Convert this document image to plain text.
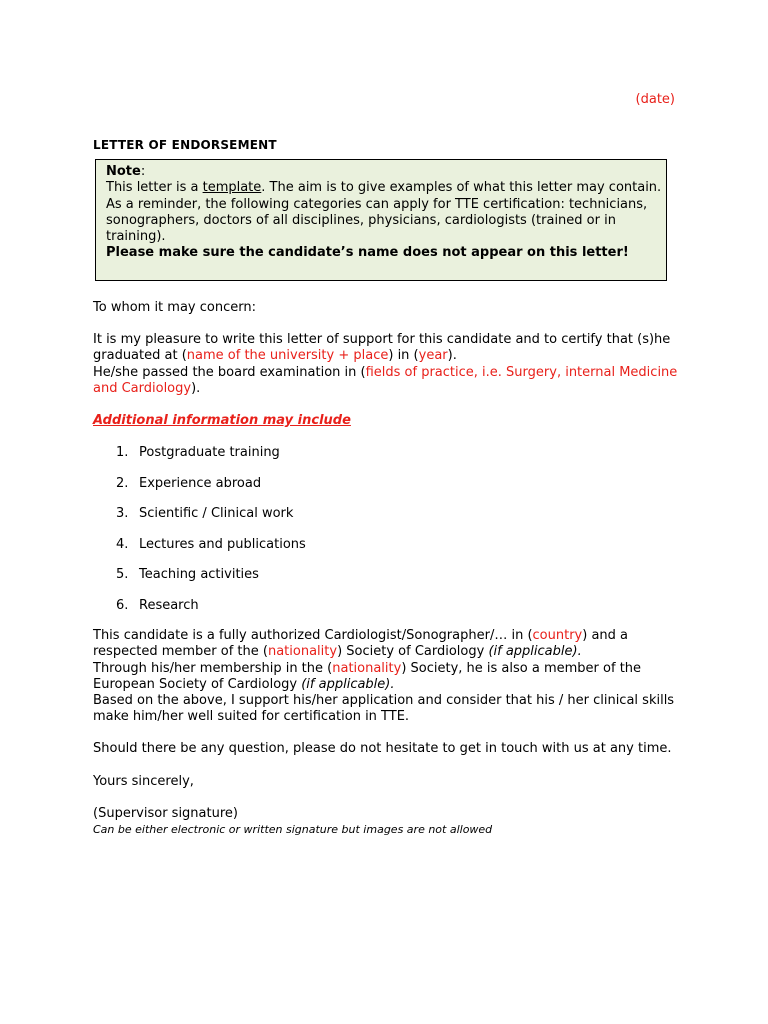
(date)
LETTER OF ENDORSEMENT
Note:
This letter is a template. The aim is to give examples of what this letter may contain.
As a reminder, the following categories can apply for TTE certification: technicians,
sonographers, doctors of all disciplines, physicians, cardiologists (trained or in
training).
Please make sure the candidate’s name does not appear on this letter!
To whom it may concern:
It is my pleasure to write this letter of support for this candidate and to certify that (s)he
graduated at (name of the university + place) in (year).
He/she passed the board examination in (fields of practice, i.e. Surgery, internal Medicine
and Cardiology).
Additional information may include
1. Postgraduate training
2. Experience abroad
3. Scientific / Clinical work
4. Lectures and publications
5. Teaching activities
6. Research
This candidate is a fully authorized Cardiologist/Sonographer/… in (country) and a
respected member of the (nationality) Society of Cardiology (if applicable).
Through his/her membership in the (nationality) Society, he is also a member of the
European Society of Cardiology (if applicable).
Based on the above, I support his/her application and consider that his / her clinical skills
make him/her well suited for certification in TTE.
Should there be any question, please do not hesitate to get in touch with us at any time.
Yours sincerely,
(Supervisor signature)
Can be either electronic or written signature but images are not allowed
